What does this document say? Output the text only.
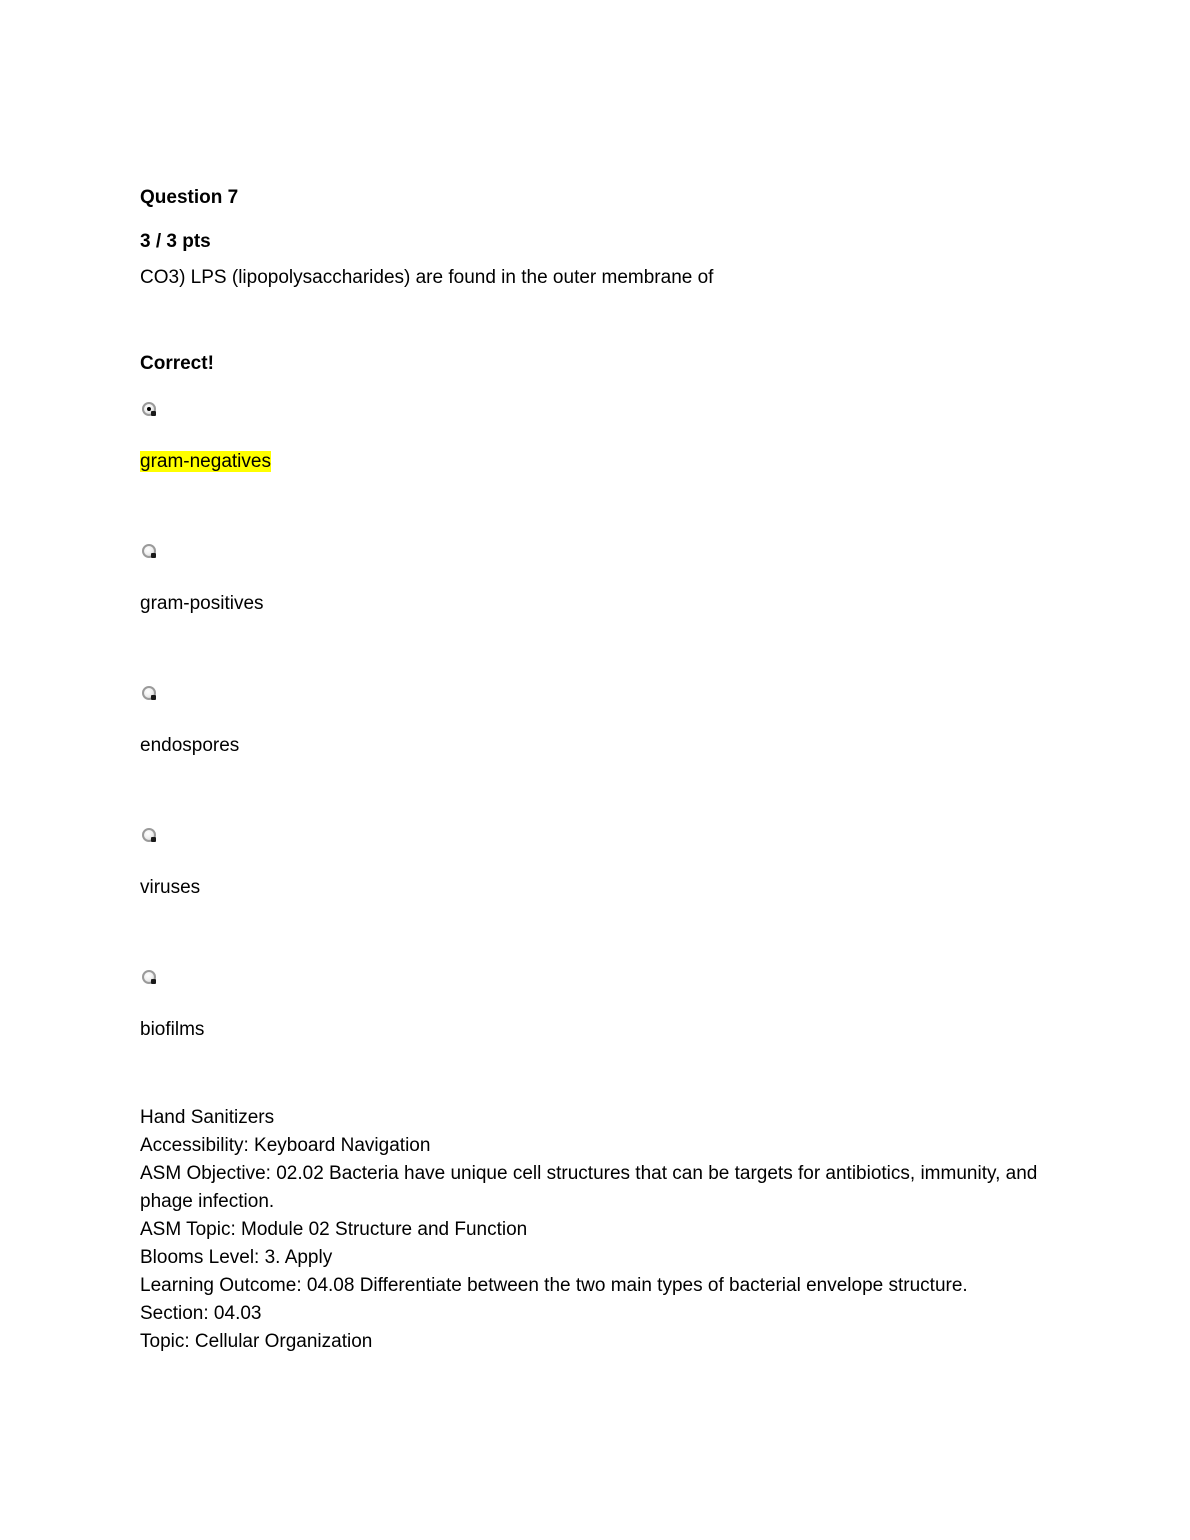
Question 7
3 / 3 pts
CO3) LPS (lipopolysaccharides) are found in the outer membrane of
Correct!
gram-negatives
gram-positives
endospores
viruses
biofilms
Hand Sanitizers
Accessibility: Keyboard Navigation
ASM Objective: 02.02 Bacteria have unique cell structures that can be targets for antibiotics, immunity, and phage infection.
ASM Topic: Module 02 Structure and Function
Blooms Level: 3. Apply
Learning Outcome: 04.08 Differentiate between the two main types of bacterial envelope structure.
Section: 04.03
Topic: Cellular Organization
